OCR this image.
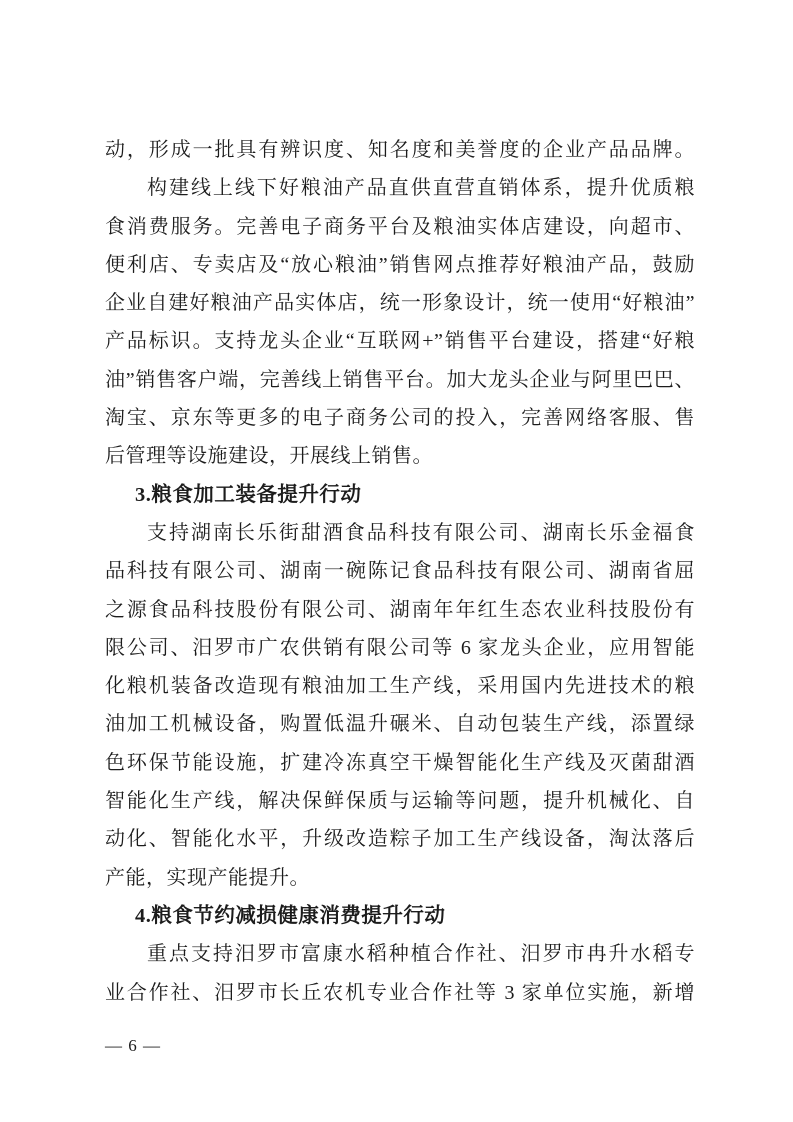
动，形成一批具有辨识度、知名度和美誉度的企业产品品牌。
构建线上线下好粮油产品直供直营直销体系，提升优质粮
食消费服务。完善电子商务平台及粮油实体店建设，向超市、
便利店、专卖店及“放心粮油”销售网点推荐好粮油产品，鼓励
企业自建好粮油产品实体店，统一形象设计，统一使用“好粮油”
产品标识。支持龙头企业“互联网+”销售平台建设，搭建“好粮
油”销售客户端，完善线上销售平台。加大龙头企业与阿里巴巴、
淘宝、京东等更多的电子商务公司的投入，完善网络客服、售
后管理等设施建设，开展线上销售。
3.粮食加工装备提升行动
支持湖南长乐街甜酒食品科技有限公司、湖南长乐金福食
品科技有限公司、湖南一碗陈记食品科技有限公司、湖南省屈
之源食品科技股份有限公司、湖南年年红生态农业科技股份有
限公司、汨罗市广农供销有限公司等 6 家龙头企业，应用智能
化粮机装备改造现有粮油加工生产线，采用国内先进技术的粮
油加工机械设备，购置低温升碾米、自动包装生产线，添置绿
色环保节能设施，扩建冷冻真空干燥智能化生产线及灭菌甜酒
智能化生产线，解决保鲜保质与运输等问题，提升机械化、自
动化、智能化水平，升级改造粽子加工生产线设备，淘汰落后
产能，实现产能提升。
4.粮食节约减损健康消费提升行动
重点支持汨罗市富康水稻种植合作社、汨罗市冉升水稻专
业合作社、汨罗市长丘农机专业合作社等 3 家单位实施，新增
— 6 —
